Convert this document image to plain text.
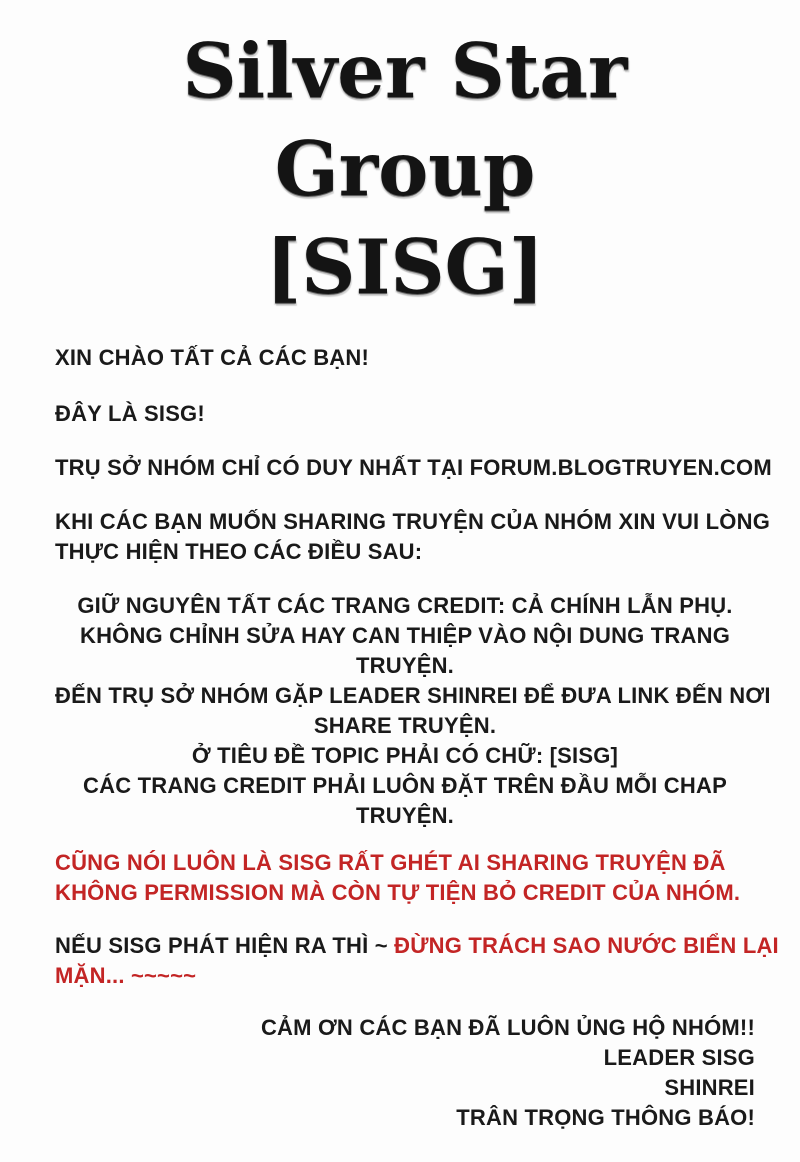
Silver Star Group
[SISG]
XIN CHÀO TẤT CẢ CÁC BẠN!
ĐÂY LÀ SISG!
TRỤ SỞ NHÓM CHỈ CÓ DUY NHẤT TẠI FORUM.BLOGTRUYEN.COM
KHI CÁC BẠN MUỐN SHARING TRUYỆN CỦA NHÓM XIN VUI LÒNG
THỰC HIỆN THEO CÁC ĐIỀU SAU:
GIỮ NGUYÊN TẤT CÁC TRANG CREDIT: CẢ CHÍNH LẪN PHỤ.
KHÔNG CHỈNH SỬA HAY CAN THIỆP VÀO NỘI DUNG TRANG
TRUYỆN.
ĐẾN TRỤ SỞ NHÓM GẶP LEADER SHINREI ĐỂ ĐƯA LINK ĐẾN NƠI
SHARE TRUYỆN.
Ở TIÊU ĐỀ TOPIC PHẢI CÓ CHỮ: [SISG]
CÁC TRANG CREDIT PHẢI LUÔN ĐẶT TRÊN ĐẦU MỖI CHAP
TRUYỆN.
CŨNG NÓI LUÔN LÀ SISG RẤT GHÉT AI SHARING TRUYỆN ĐÃ
KHÔNG PERMISSION MÀ CÒN TỰ TIỆN BỎ CREDIT CỦA NHÓM.
NẾU SISG PHÁT HIỆN RA THÌ ~ ĐỪNG TRÁCH SAO NƯỚC BIỂN LẠI
MẶN... ~~~~~
CẢM ƠN CÁC BẠN ĐÃ LUÔN ỦNG HỘ NHÓM!!
LEADER SISG
SHINREI
TRÂN TRỌNG THÔNG BÁO!
